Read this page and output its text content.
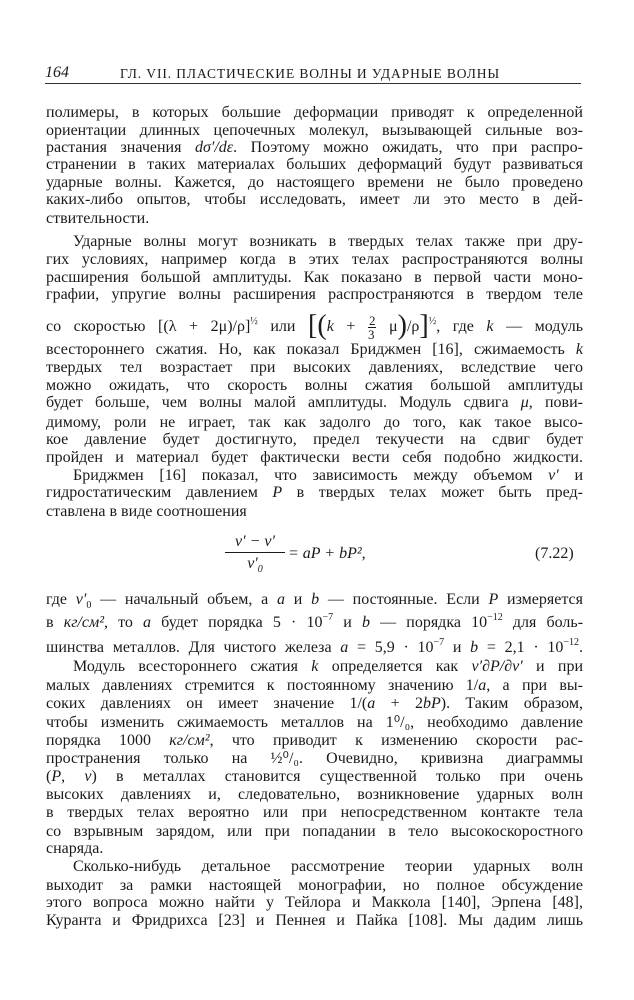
164	ГЛ. VII. ПЛАСТИЧЕСКИЕ ВОЛНЫ И УДАРНЫЕ ВОЛНЫ
полимеры, в которых большие деформации приводят к определенной
ориентации длинных цепочечных молекул, вызывающей сильные воз-
растания значения dσ′/dε. Поэтому можно ожидать, что при распро-
странении в таких материалах больших деформаций будут развиваться
ударные волны. Кажется, до настоящего времени не было проведено
каких-либо опытов, чтобы исследовать, имеет ли это место в дей-
ствительности.
Ударные волны могут возникать в твердых телах также при дру-
гих условиях, например когда в этих телах распространяются волны
расширения большой амплитуды. Как показано в первой части моно-
графии, упругие волны расширения распространяются в твердом теле
со скоростью $[(\lambda + 2\mu)/\rho]^{\frac{1}{2}}$ или $[(k + \frac{2}{3} \mu)/\rho]^{\frac{1}{2}}$, где k — модуль
всестороннего сжатия. Но, как показал Бриджмен [16], сжимаемость k
твердых тел возрастает при высоких давлениях, вследствие чего
можно ожидать, что скорость волны сжатия большой амплитуды
будет больше, чем волны малой амплитуды. Модуль сдвига μ, пови-
димому, роли не играет, так как задолго до того, как такое высо-
кое давление будет достигнуто, предел текучести на сдвиг будет
пройден и материал будет фактически вести себя подобно жидкости.
Бриджмен [16] показал, что зависимость между объемом v′ и
гидростатическим давлением P в твердых телах может быть пред-
ставлена в виде соотношения
где $v'_0$ — начальный объем, а a и b — постоянные. Если P измеряется
в кг/см², то a будет порядка $5 \cdot 10^{-7}$ и b — порядка $10^{-12}$ для боль-
шинства металлов. Для чистого железа $a = 5,9 \cdot 10^{-7}$ и $b = 2,1 \cdot 10^{-12}$.
Модуль всестороннего сжатия k определяется как v′∂P/∂v′ и при
малых давлениях стремится к постоянному значению 1/a, а при вы-
соких давлениях он имеет значение 1/(a + 2bP). Таким образом,
чтобы изменить сжимаемость металлов на 1⁰/₀, необходимо давление
порядка 1000 кг/см², что приводит к изменению скорости рас-
пространения только на ½⁰/₀. Очевидно, кривизна диаграммы
(P, v) в металлах становится существенной только при очень
высоких давлениях и, следовательно, возникновение ударных волн
в твердых телах вероятно или при непосредственном контакте тела
со взрывным зарядом, или при попадании в тело высокоскоростного
снаряда.
Сколько-нибудь детальное рассмотрение теории ударных волн
выходит за рамки настоящей монографии, но полное обсуждение
этого вопроса можно найти у Тейлора и Маккола [140], Эрпена [48],
Куранта и Фридрихса [23] и Пеннея и Пайка [108]. Мы дадим лишь
$\frac{v' - v'}{v'_0}$ = aP + bP²,	(7.22)
